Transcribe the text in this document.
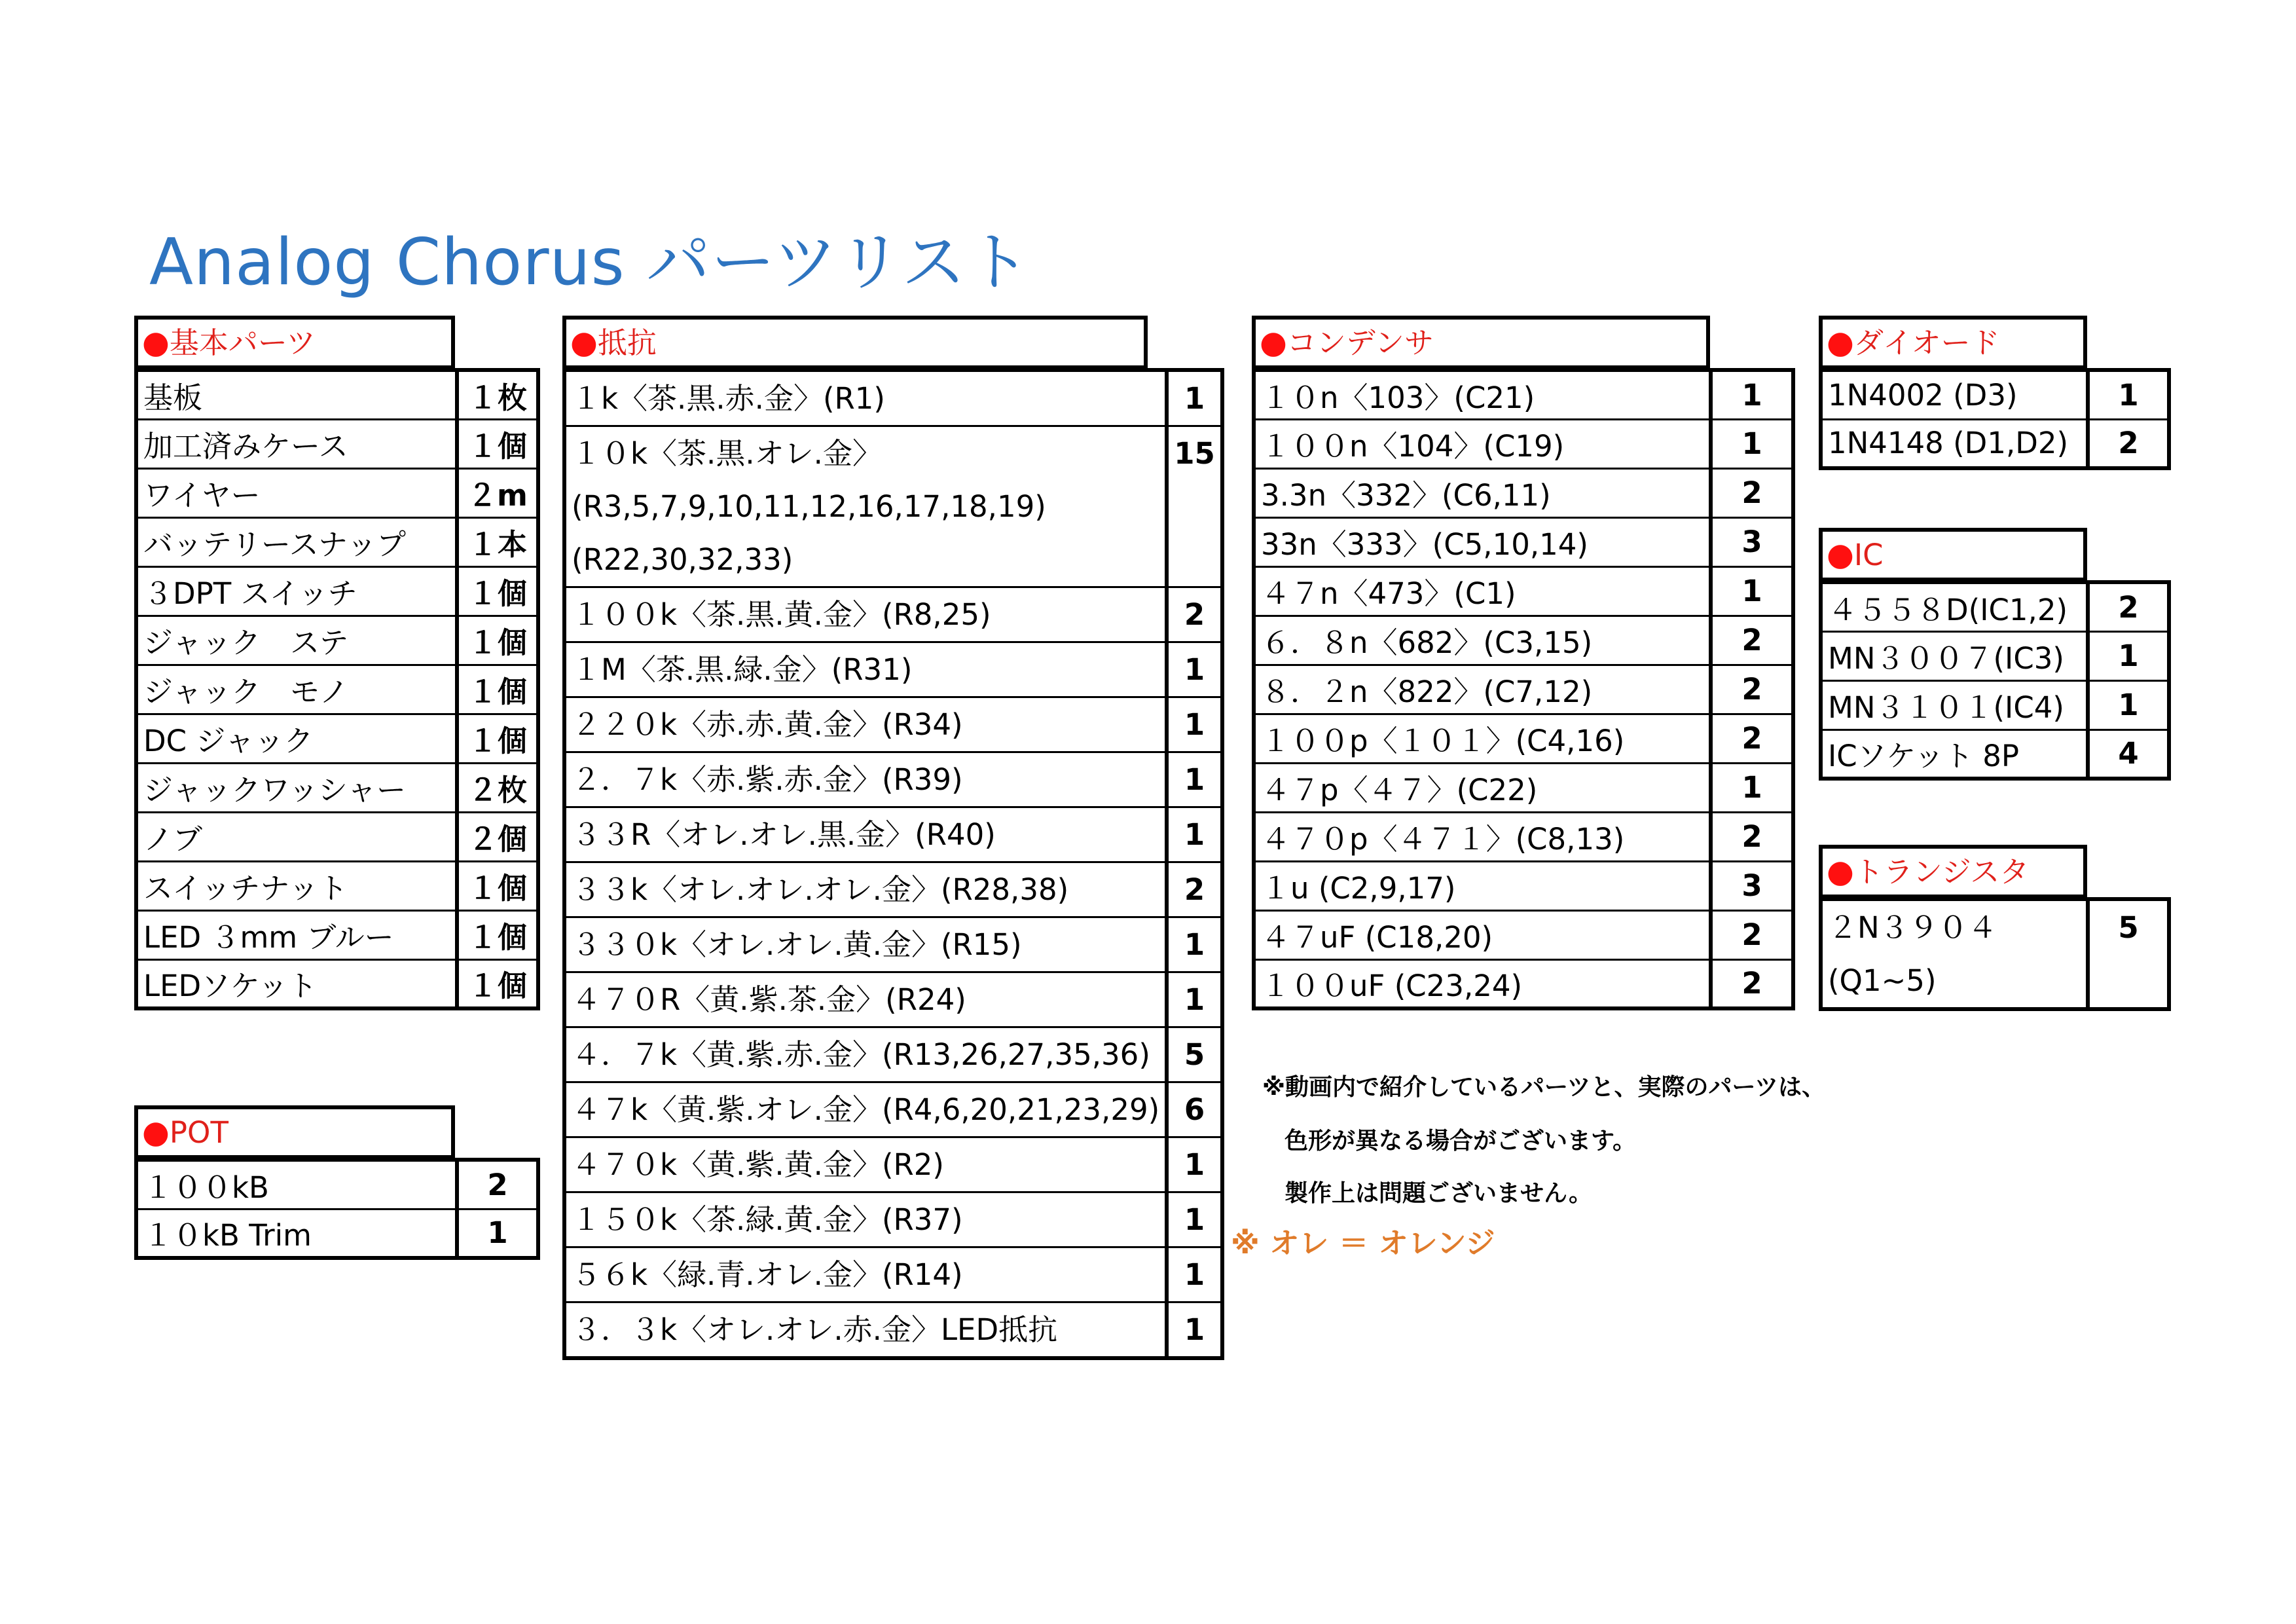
Analog Chorus パーツリスト
●基本パーツ
基板	１枚
加工済みケース	１個
ワイヤー	２m
バッテリースナップ	１本
３DPT スイッチ	１個
ジャック　ステ	１個
ジャック　モノ	１個
DC ジャック	１個
ジャックワッシャー	２枚
ノブ	２個
スイッチナット	１個
LED ３mm ブルー	１個
LEDソケット	１個
●POT
１００kB	2
１０kB Trim	1
●抵抗
１k〈茶.黒.赤.金〉(R1)	1

１０k〈茶.黒.オレ.金〉
(R3,5,7,9,10,11,12,16,17,18,19)
(R22,30,32,33)	15

１００k〈茶.黒.黄.金〉(R8,25)	2

１M〈茶.黒.緑.金〉(R31)	1

２２０k〈赤.赤.黄.金〉(R34)	1

２．７k〈赤.紫.赤.金〉(R39)	1

３３R〈オレ.オレ.黒.金〉(R40)	1

３３k〈オレ.オレ.オレ.金〉(R28,38)	2

３３０k〈オレ.オレ.黄.金〉(R15)	1

４７０R〈黄.紫.茶.金〉(R24)	1

４．７k〈黄.紫.赤.金〉(R13,26,27,35,36)	5

４７k〈黄.紫.オレ.金〉(R4,6,20,21,23,29)	6

４７０k〈黄.紫.黄.金〉(R2)	1

１５０k〈茶.緑.黄.金〉(R37)	1

５６k〈緑.青.オレ.金〉(R14)	1

３．３k〈オレ.オレ.赤.金〉LED抵抗	1
●コンデンサ
１０n〈103〉(C21)	1
１００n〈104〉(C19)	1
3.3n〈332〉(C6,11)	2
33n〈333〉(C5,10,14)	3
４７n〈473〉(C1)	1
６．８n〈682〉(C3,15)	2
８．２n〈822〉(C7,12)	2
１００p〈１０１〉(C4,16)	2
４７p〈４７〉(C22)	1
４７０p〈４７１〉(C8,13)	2
１u (C2,9,17)	3
４７uF (C18,20)	2
１００uF (C23,24)	2
●ダイオード
1N4002 (D3)	1
1N4148 (D1,D2)	2
●IC
４５５８D(IC1,2)	2
MN３００７(IC3)	1
MN３１０１(IC4)	1
ICソケット 8P	4
●トランジスタ
２N３９０４
(Q1~5)
	5
※動画内で紹介しているパーツと、実際のパーツは、
色形が異なる場合がございます。
製作上は問題ございません。
※ オレ ＝ オレンジ
